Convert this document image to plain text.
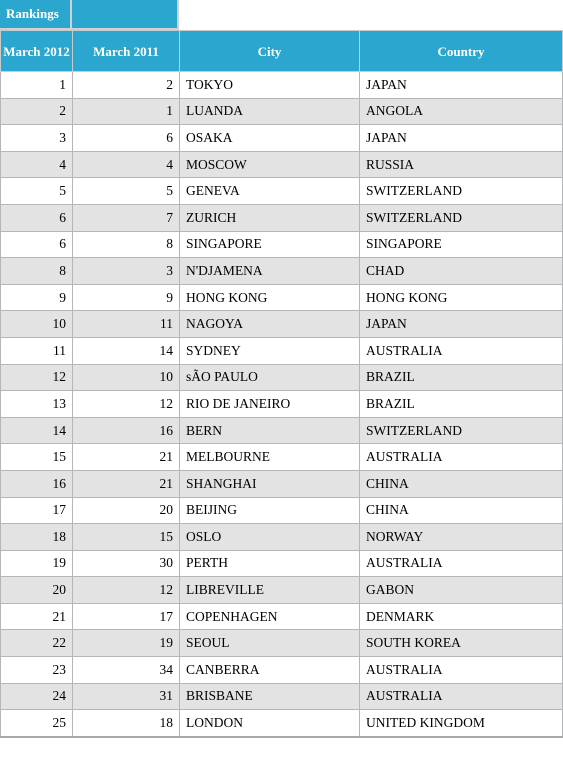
Rankings
March 2012	March 2011	City	Country
1	2	TOKYO	JAPAN
2	1	LUANDA	ANGOLA
3	6	OSAKA	JAPAN
4	4	MOSCOW	RUSSIA
5	5	GENEVA	SWITZERLAND
6	7	ZURICH	SWITZERLAND
6	8	SINGAPORE	SINGAPORE
8	3	N'DJAMENA	CHAD
9	9	HONG KONG	HONG KONG
10	11	NAGOYA	JAPAN
11	14	SYDNEY	AUSTRALIA
12	10	sÃO PAULO	BRAZIL
13	12	RIO DE JANEIRO	BRAZIL
14	16	BERN	SWITZERLAND
15	21	MELBOURNE	AUSTRALIA
16	21	SHANGHAI	CHINA
17	20	BEIJING	CHINA
18	15	OSLO	NORWAY
19	30	PERTH	AUSTRALIA
20	12	LIBREVILLE	GABON
21	17	COPENHAGEN	DENMARK
22	19	SEOUL	SOUTH KOREA
23	34	CANBERRA	AUSTRALIA
24	31	BRISBANE	AUSTRALIA
25	18	LONDON	UNITED KINGDOM
